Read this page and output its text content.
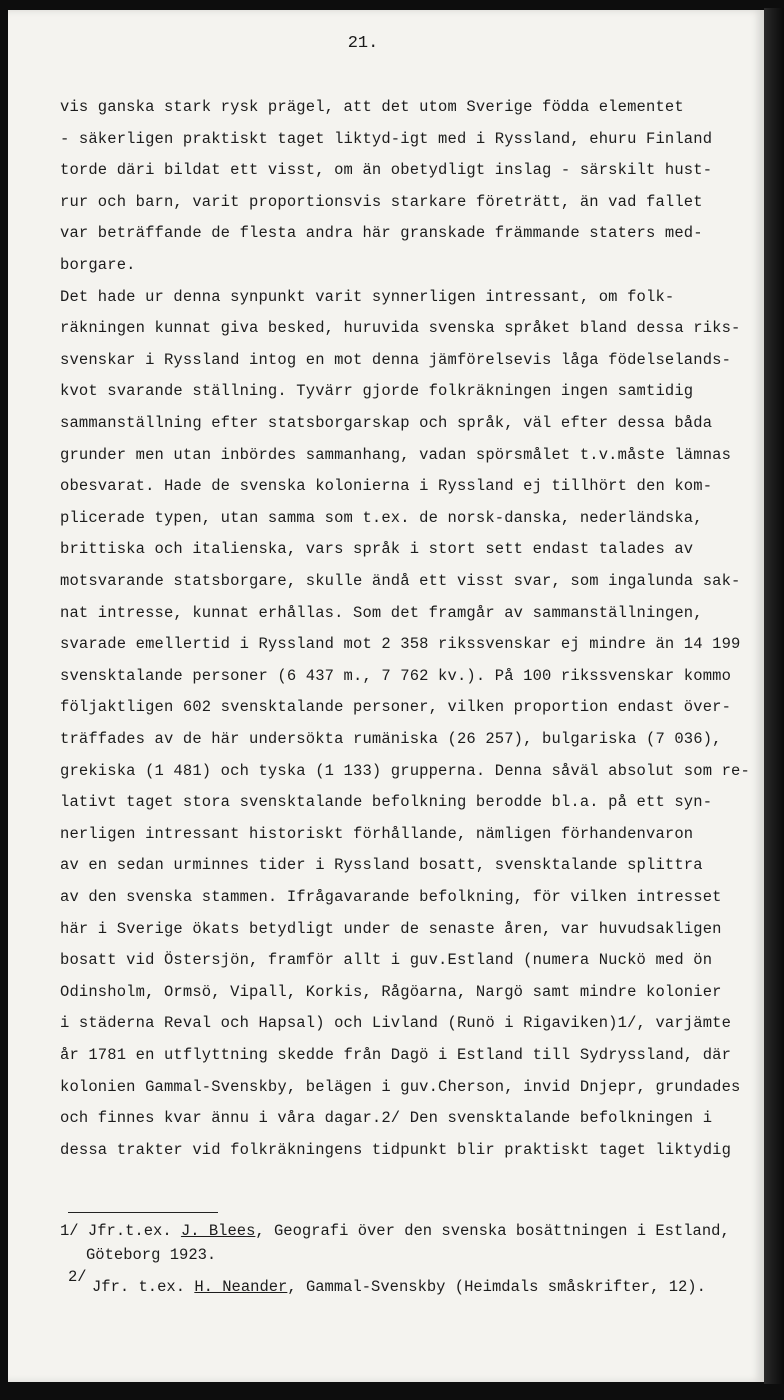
21.
vis ganska stark rysk prägel, att det utom Sverige födda elementet
- säkerligen praktiskt taget liktyd-igt med i Ryssland, ehuru Finland
torde däri bildat ett visst, om än obetydligt inslag - särskilt hust-
rur och barn, varit proportionsvis starkare företrätt, än vad fallet
var beträffande de flesta andra här granskade främmande staters med-
borgare.
Det hade ur denna synpunkt varit synnerligen intressant, om folk-
räkningen kunnat giva besked, huruvida svenska språket bland dessa riks-
svenskar i Ryssland intog en mot denna jämförelsevis låga födelselands-
kvot svarande ställning. Tyvärr gjorde folkräkningen ingen samtidig
sammanställning efter statsborgarskap och språk, väl efter dessa båda
grunder men utan inbördes sammanhang, vadan spörsmålet t.v.måste lämnas
obesvarat. Hade de svenska kolonierna i Ryssland ej tillhört den kom-
plicerade typen, utan samma som t.ex. de norsk-danska, nederländska,
brittiska och italienska, vars språk i stort sett endast talades av
motsvarande statsborgare, skulle ändå ett visst svar, som ingalunda sak-
nat intresse, kunnat erhållas. Som det framgår av sammanställningen,
svarade emellertid i Ryssland mot 2 358 rikssvenskar ej mindre än 14 199
svensktalande personer (6 437 m., 7 762 kv.). På 100 rikssvenskar kommo
följaktligen 602 svensktalande personer, vilken proportion endast över-
träffades av de här undersökta rumäniska (26 257), bulgariska (7 036),
grekiska (1 481) och tyska (1 133) grupperna. Denna såväl absolut som re-
lativt taget stora svensktalande befolkning berodde bl.a. på ett syn-
nerligen intressant historiskt förhållande, nämligen förhandenvaron
av en sedan urminnes tider i Ryssland bosatt, svensktalande splittra
av den svenska stammen. Ifrågavarande befolkning, för vilken intresset
här i Sverige ökats betydligt under de senaste åren, var huvudsakligen
bosatt vid Östersjön, framför allt i guv.Estland (numera Nuckö med ön
Odinsholm, Ormsö, Vipall, Korkis, Rågöarna, Nargö samt mindre kolonier
i städerna Reval och Hapsal) och Livland (Runö i Rigaviken)1/, varjämte
år 1781 en utflyttning skedde från Dagö i Estland till Sydryssland, där
kolonien Gammal-Svenskby, belägen i guv.Cherson, invid Dnjepr, grundades
och finnes kvar ännu i våra dagar.2/ Den svensktalande befolkningen i
dessa trakter vid folkräkningens tidpunkt blir praktiskt taget liktydig
1/ Jfr.t.ex. J. Blees, Geografi över den svenska bosättningen i Estland,
Göteborg 1923.
2/
Jfr. t.ex. H. Neander, Gammal-Svenskby (Heimdals småskrifter, 12).
